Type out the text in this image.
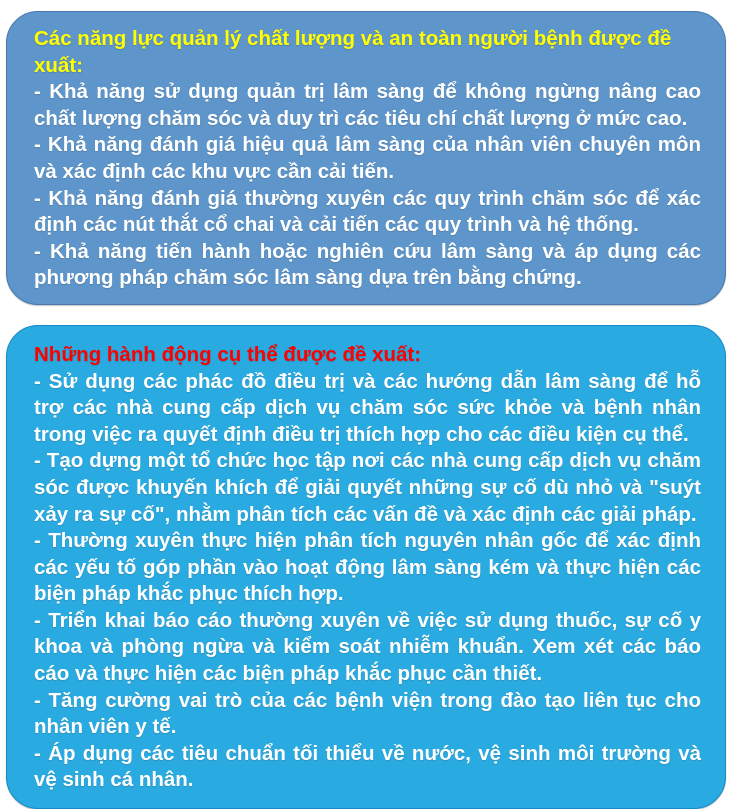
Các năng lực quản lý chất lượng và an toàn người bệnh được đề xuất:

- Khả năng sử dụng quản trị lâm sàng để không ngừng nâng cao chất lượng chăm sóc và duy trì các tiêu chí chất lượng ở mức cao.

- Khả năng đánh giá hiệu quả lâm sàng của nhân viên chuyên môn và xác định các khu vực cần cải tiến.

- Khả năng đánh giá thường xuyên các quy trình chăm sóc để xác định các nút thắt cổ chai và cải tiến các quy trình và hệ thống.

- Khả năng tiến hành hoặc nghiên cứu lâm sàng và áp dụng các phương pháp chăm sóc lâm sàng dựa trên bằng chứng.

Những hành động cụ thể được đề xuất:

- Sử dụng các phác đồ điều trị và các hướng dẫn lâm sàng để hỗ trợ các nhà cung cấp dịch vụ chăm sóc sức khỏe và bệnh nhân trong việc ra quyết định điều trị thích hợp cho các điều kiện cụ thể.

- Tạo dựng một tổ chức học tập nơi các nhà cung cấp dịch vụ chăm sóc được khuyến khích để giải quyết những sự cố dù nhỏ và "suýt xảy ra sự cố", nhằm phân tích các vấn đề và xác định các giải pháp.

- Thường xuyên thực hiện phân tích nguyên nhân gốc để xác định các yếu tố góp phần vào hoạt động lâm sàng kém và thực hiện các biện pháp khắc phục thích hợp.

- Triển khai báo cáo thường xuyên về việc sử dụng thuốc, sự cố y khoa và phòng ngừa và kiểm soát nhiễm khuẩn. Xem xét các báo cáo và thực hiện các biện pháp khắc phục cần thiết.

- Tăng cường vai trò của các bệnh viện trong đào tạo liên tục cho nhân viên y tế.

- Áp dụng các tiêu chuẩn tối thiểu về nước, vệ sinh môi trường và vệ sinh cá nhân.
